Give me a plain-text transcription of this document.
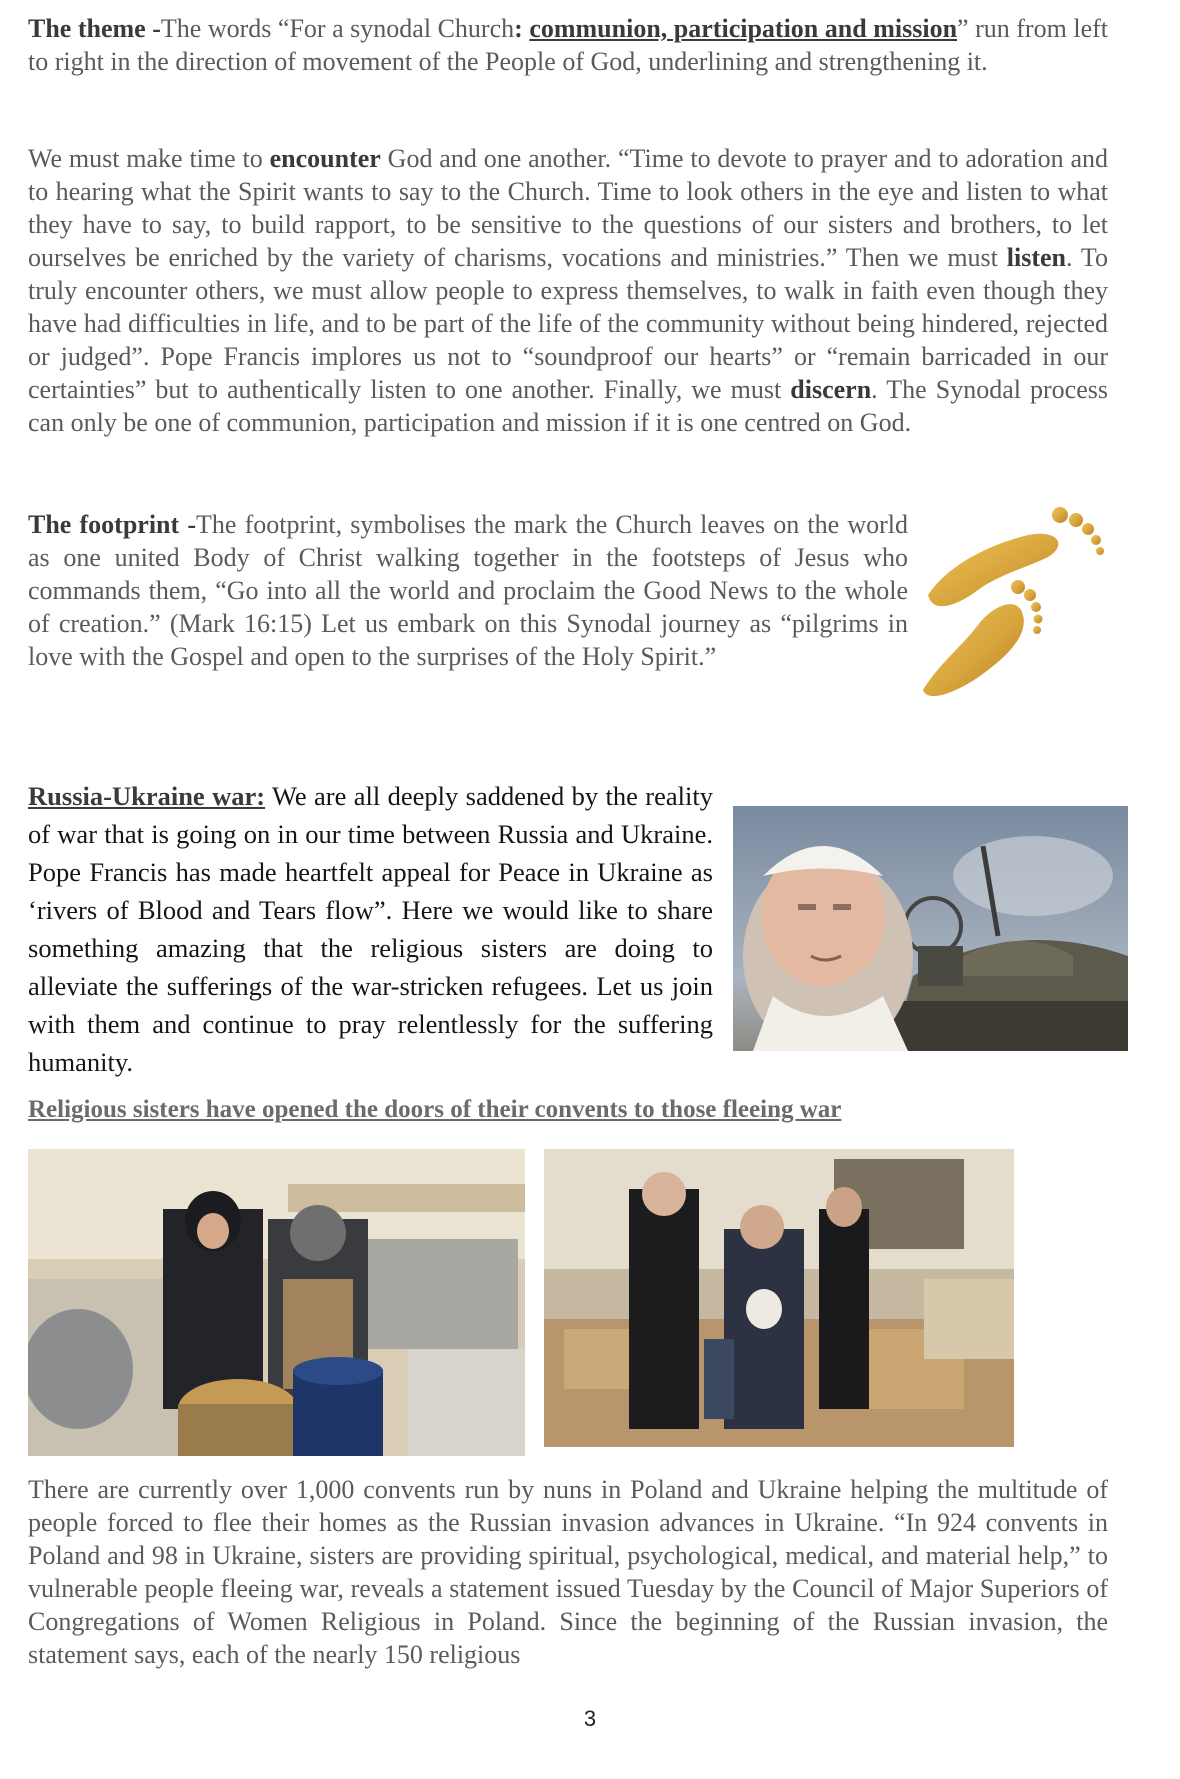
The theme -The words “For a synodal Church: communion, participation and mission” run from left to right in the direction of movement of the People of God, underlining and strengthening it.

We must make time to encounter God and one another. “Time to devote to prayer and to adoration and to hearing what the Spirit wants to say to the Church. Time to look others in the eye and listen to what they have to say, to build rapport, to be sensitive to the questions of our sisters and brothers, to let ourselves be enriched by the variety of charisms, vocations and ministries.” Then we must listen. To truly encounter others, we must allow people to express themselves, to walk in faith even though they have had difficulties in life, and to be part of the life of the community without being hindered, rejected or judged”. Pope Francis implores us not to “soundproof our hearts” or “remain barricaded in our certainties” but to authentically listen to one another. Finally, we must discern. The Synodal process can only be one of communion, participation and mission if it is one centred on God.

The footprint -The footprint, symbolises the mark the Church leaves on the world as one united Body of Christ walking together in the footsteps of Jesus who commands them, “Go into all the world and proclaim the Good News to the whole of creation.” (Mark 16:15) Let us embark on this Synodal journey as “pilgrims in love with the Gospel and open to the surprises of the Holy Spirit.”

Russia-Ukraine war: We are all deeply saddened by the reality of war that is going on in our time between Russia and Ukraine. Pope Francis has made heartfelt appeal for Peace in Ukraine as ‘rivers of Blood and Tears flow”. Here we would like to share something amazing that the religious sisters are doing to alleviate the sufferings of the war-stricken refugees. Let us join with them and continue to pray relentlessly for the suffering humanity.

Religious sisters have opened the doors of their convents to those fleeing war

There are currently over 1,000 convents run by nuns in Poland and Ukraine helping the multitude of people forced to flee their homes as the Russian invasion advances in Ukraine. “In 924 convents in Poland and 98 in Ukraine, sisters are providing spiritual, psychological, medical, and material help,” to vulnerable people fleeing war, reveals a statement issued Tuesday by the Council of Major Superiors of Congregations of Women Religious in Poland. Since the beginning of the Russian invasion, the statement says, each of the nearly 150 religious

3
